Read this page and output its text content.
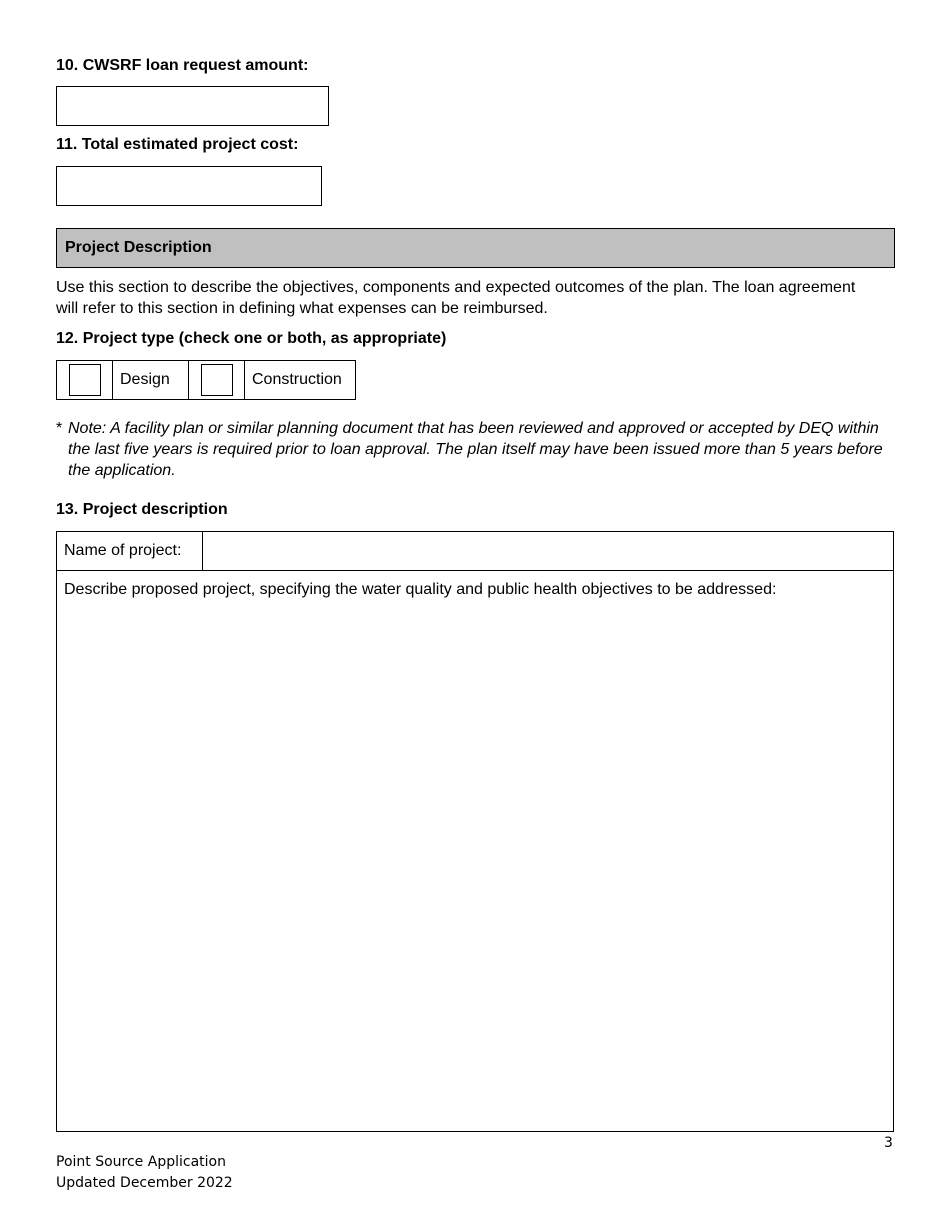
10. CWSRF loan request amount:
11. Total estimated project cost:
Project Description
Use this section to describe the objectives, components and expected outcomes of the plan. The loan agreement will refer to this section in defining what expenses can be reimbursed.
12. Project type (check one or both, as appropriate)
	Design		Construction
* Note: A facility plan or similar planning document that has been reviewed and approved or accepted by DEQ within the last five years is required prior to loan approval. The plan itself may have been issued more than 5 years before the application.
13. Project description
Name of project:
Describe proposed project, specifying the water quality and public health objectives to be addressed:
3
Point Source Application
Updated December 2022
